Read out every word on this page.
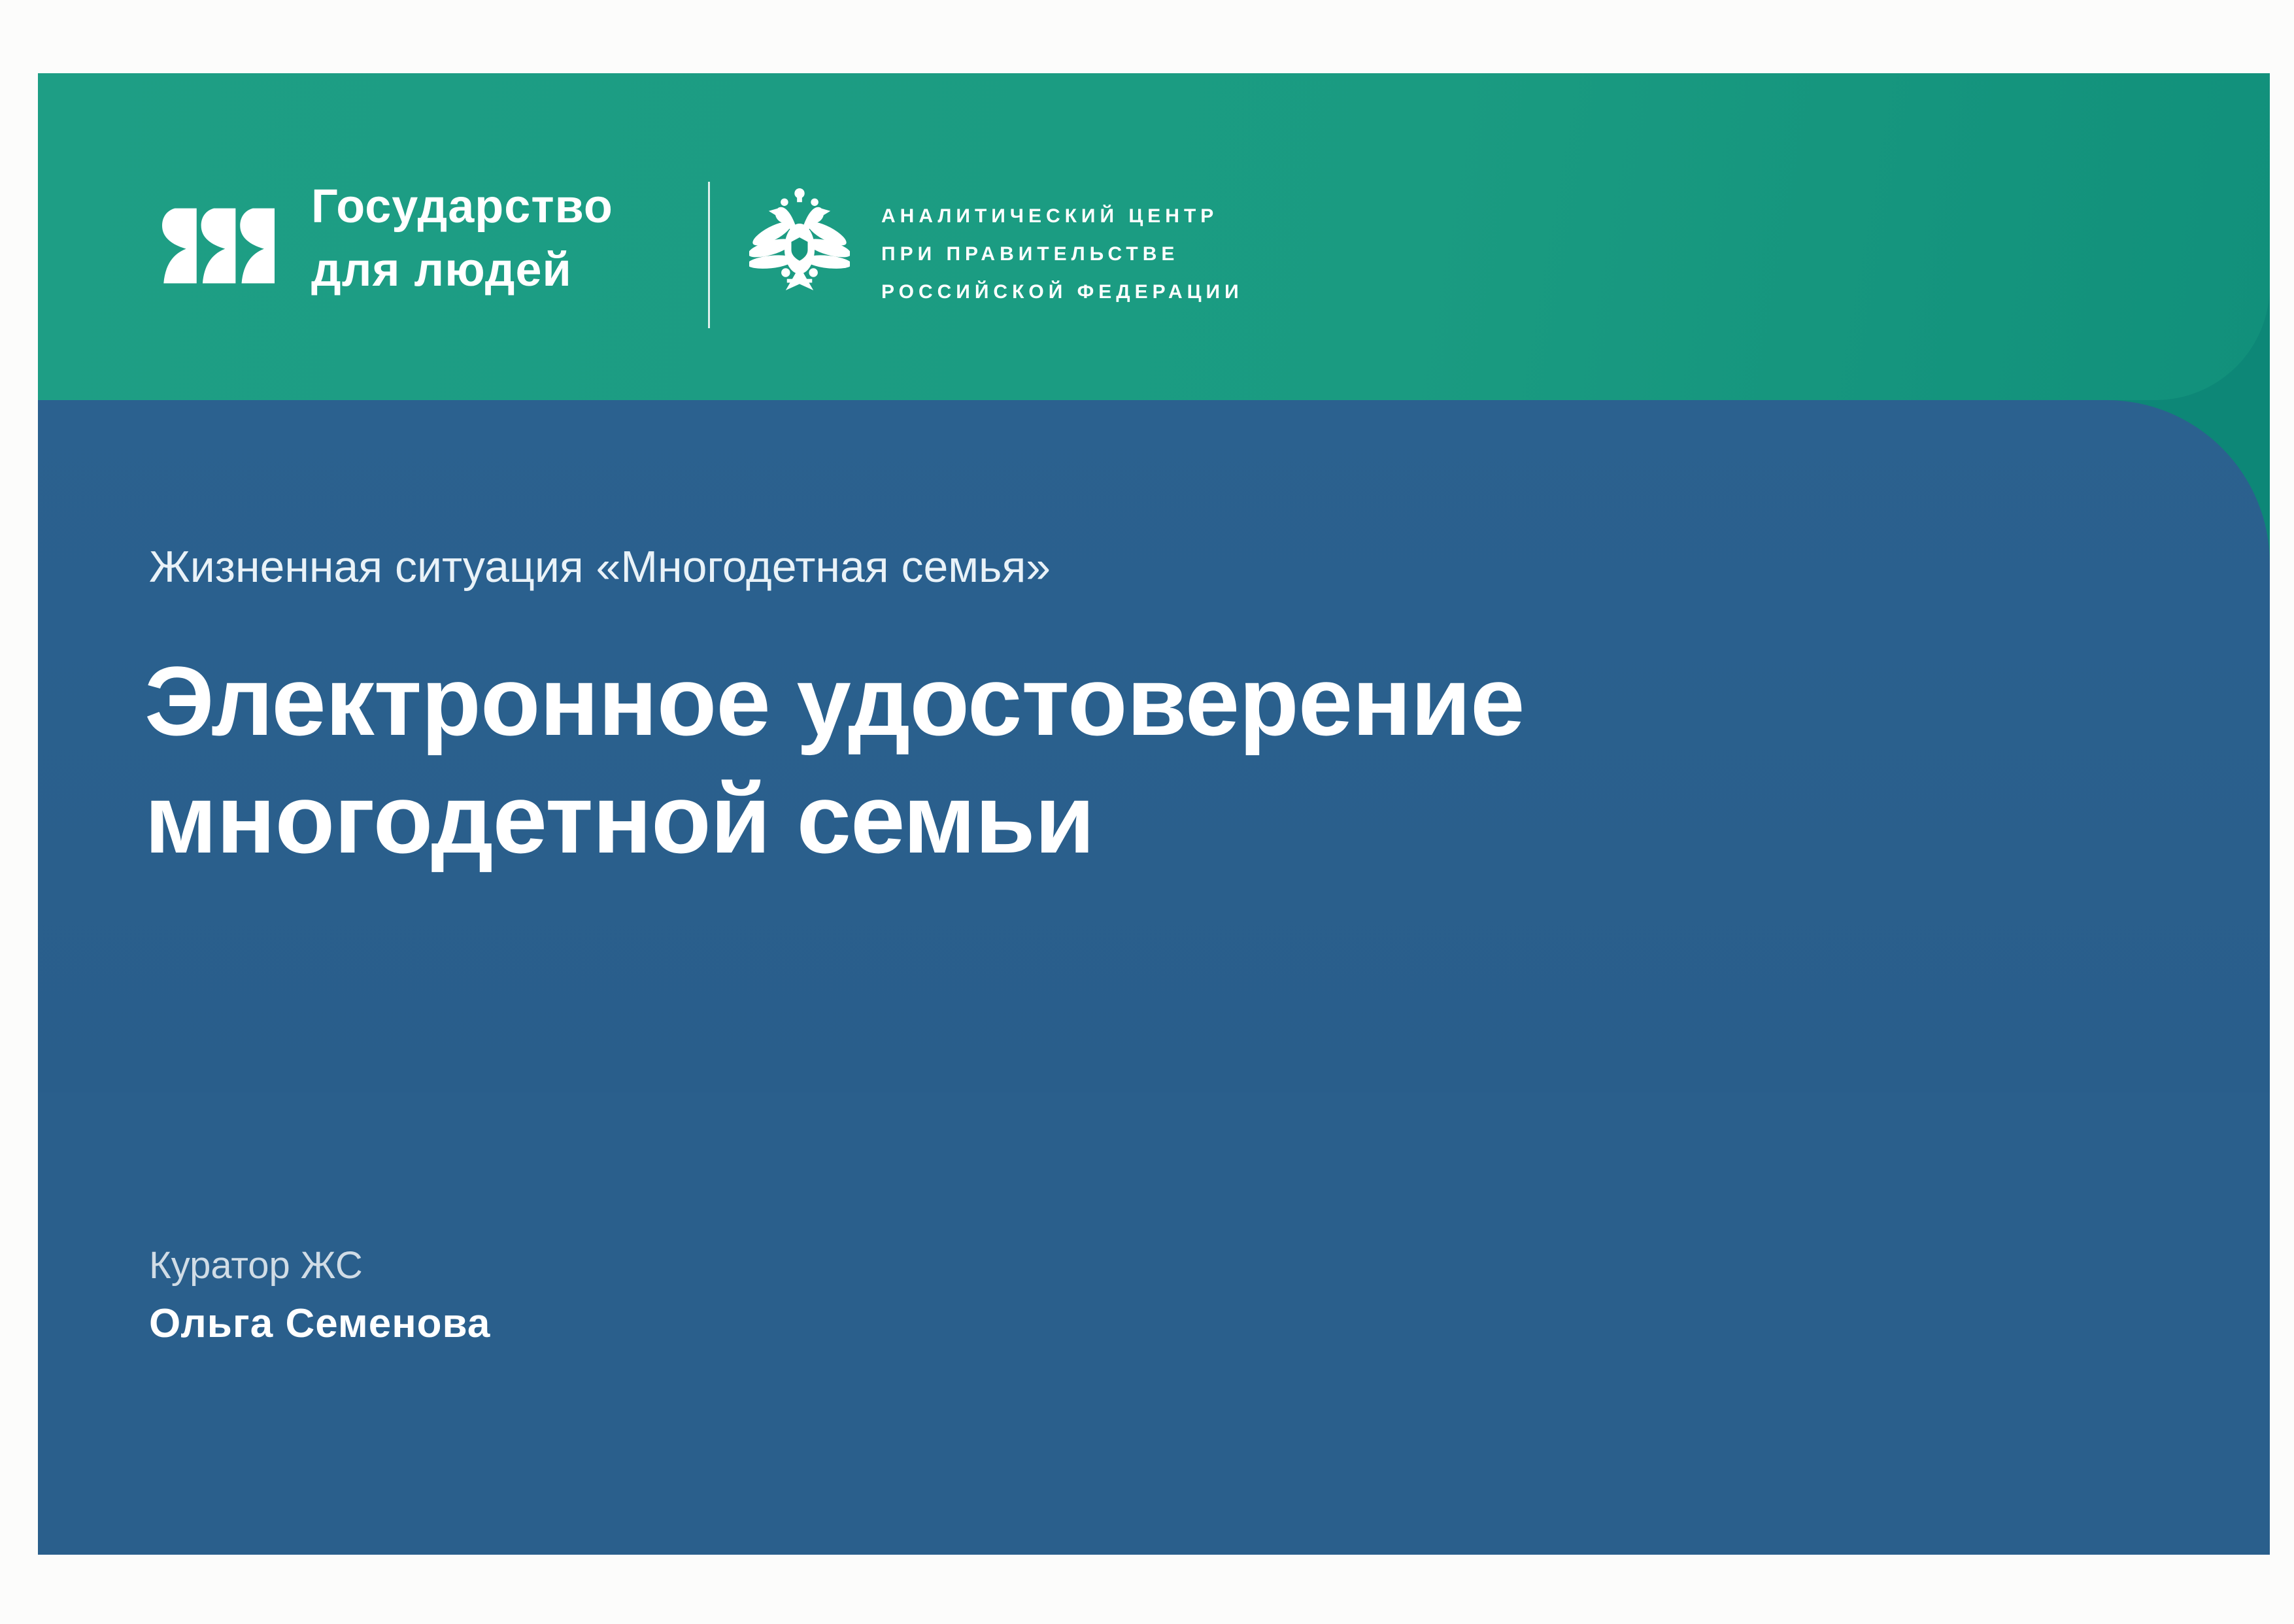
Государство
для людей
АНАЛИТИЧЕСКИЙ ЦЕНТР
ПРИ ПРАВИТЕЛЬСТВЕ
РОССИЙСКОЙ ФЕДЕРАЦИИ
Жизненная ситуация «Многодетная семья»
Электронное удостоверение
многодетной семьи
Куратор ЖС
Ольга Семенова
